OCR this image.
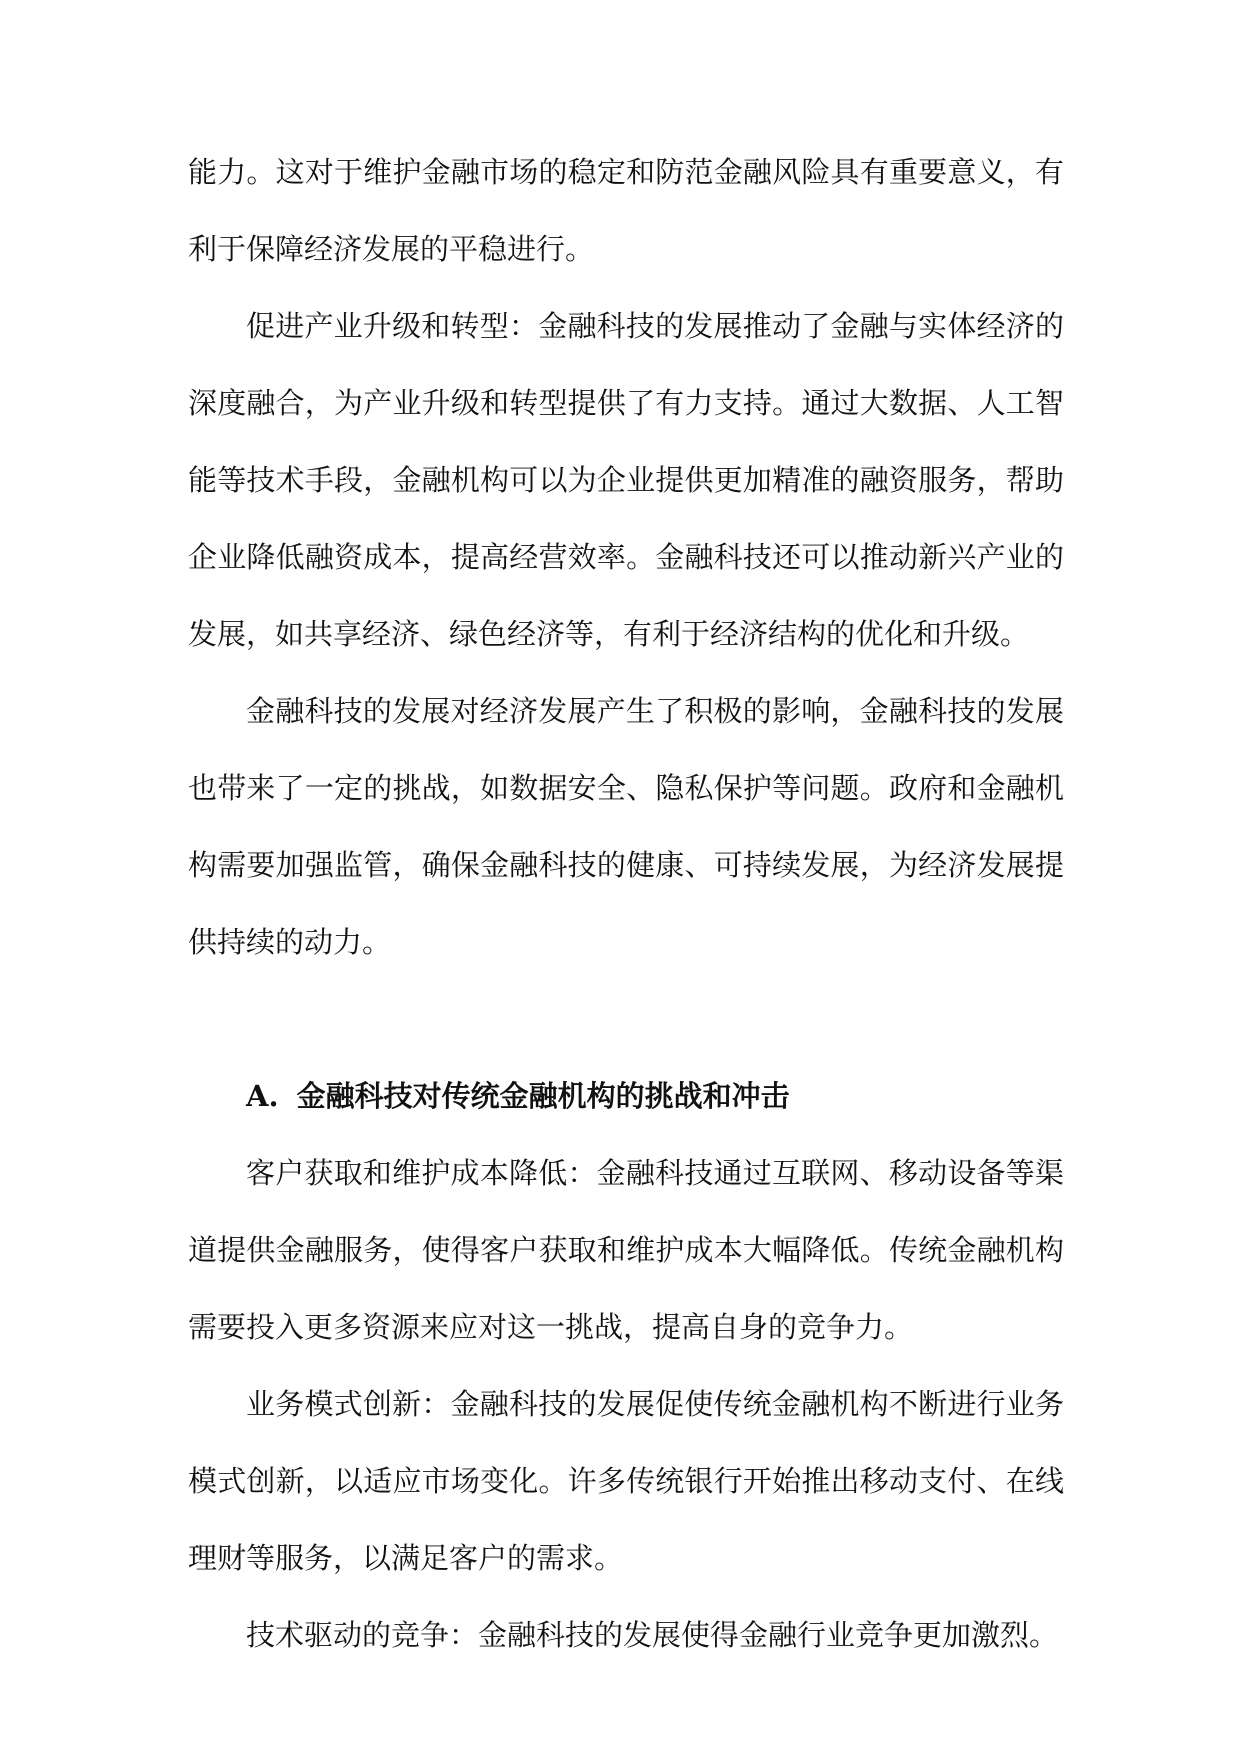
能力。这对于维护金融市场的稳定和防范金融风险具有重要意义，有利于保障经济发展的平稳进行。

促进产业升级和转型：金融科技的发展推动了金融与实体经济的深度融合，为产业升级和转型提供了有力支持。通过大数据、人工智能等技术手段，金融机构可以为企业提供更加精准的融资服务，帮助企业降低融资成本，提高经营效率。金融科技还可以推动新兴产业的发展，如共享经济、绿色经济等，有利于经济结构的优化和升级。

金融科技的发展对经济发展产生了积极的影响，金融科技的发展也带来了一定的挑战，如数据安全、隐私保护等问题。政府和金融机构需要加强监管，确保金融科技的健康、可持续发展，为经济发展提供持续的动力。

A. 金融科技对传统金融机构的挑战和冲击

客户获取和维护成本降低：金融科技通过互联网、移动设备等渠道提供金融服务，使得客户获取和维护成本大幅降低。传统金融机构需要投入更多资源来应对这一挑战，提高自身的竞争力。

业务模式创新：金融科技的发展促使传统金融机构不断进行业务模式创新，以适应市场变化。许多传统银行开始推出移动支付、在线理财等服务，以满足客户的需求。

技术驱动的竞争：金融科技的发展使得金融行业竞争更加激烈。
